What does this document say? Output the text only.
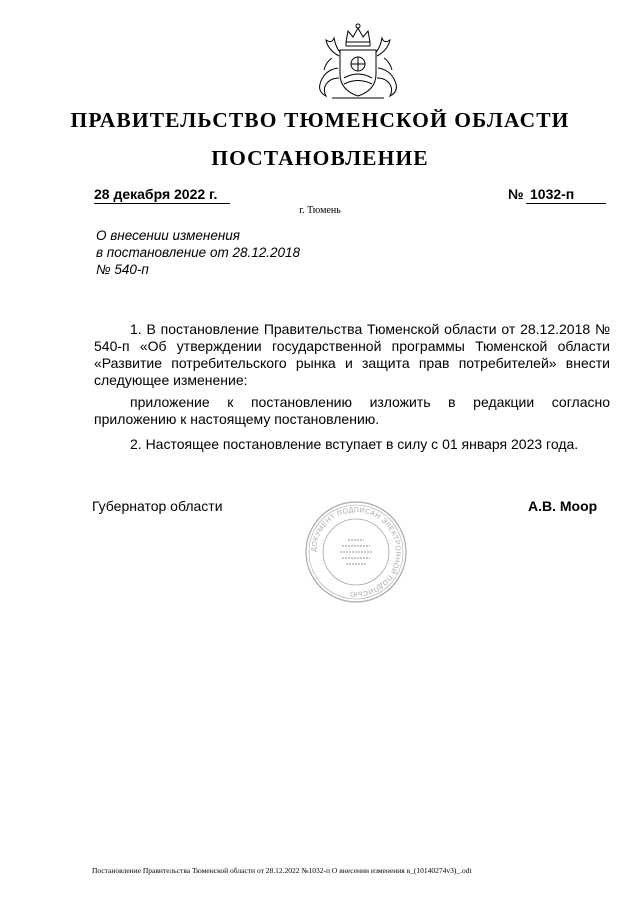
ПРАВИТЕЛЬСТВО ТЮМЕНСКОЙ ОБЛАСТИ
ПОСТАНОВЛЕНИЕ
28 декабря 2022 г.	№ 1032-п
г. Тюмень
О внесении изменения
в постановление от 28.12.2018
№ 540-п

1. В постановление Правительства Тюменской области от 28.12.2018 № 540-п «Об утверждении государственной программы Тюменской области «Развитие потребительского рынка и защита прав потребителей» внести следующее изменение:

приложение к постановлению изложить в редакции согласно приложению к настоящему постановлению.

2. Настоящее постановление вступает в силу с 01 января 2023 года.

Губернатор области	А.В. Моор
ДОКУМЕНТ ПОДПИСАН ЭЛЕКТРОННОЙ ПОДПИСЬЮ
Постановление Правительства Тюменской области от 28.12.2022 №1032-п О внесении изменения в_(10140274v3)_.odt
